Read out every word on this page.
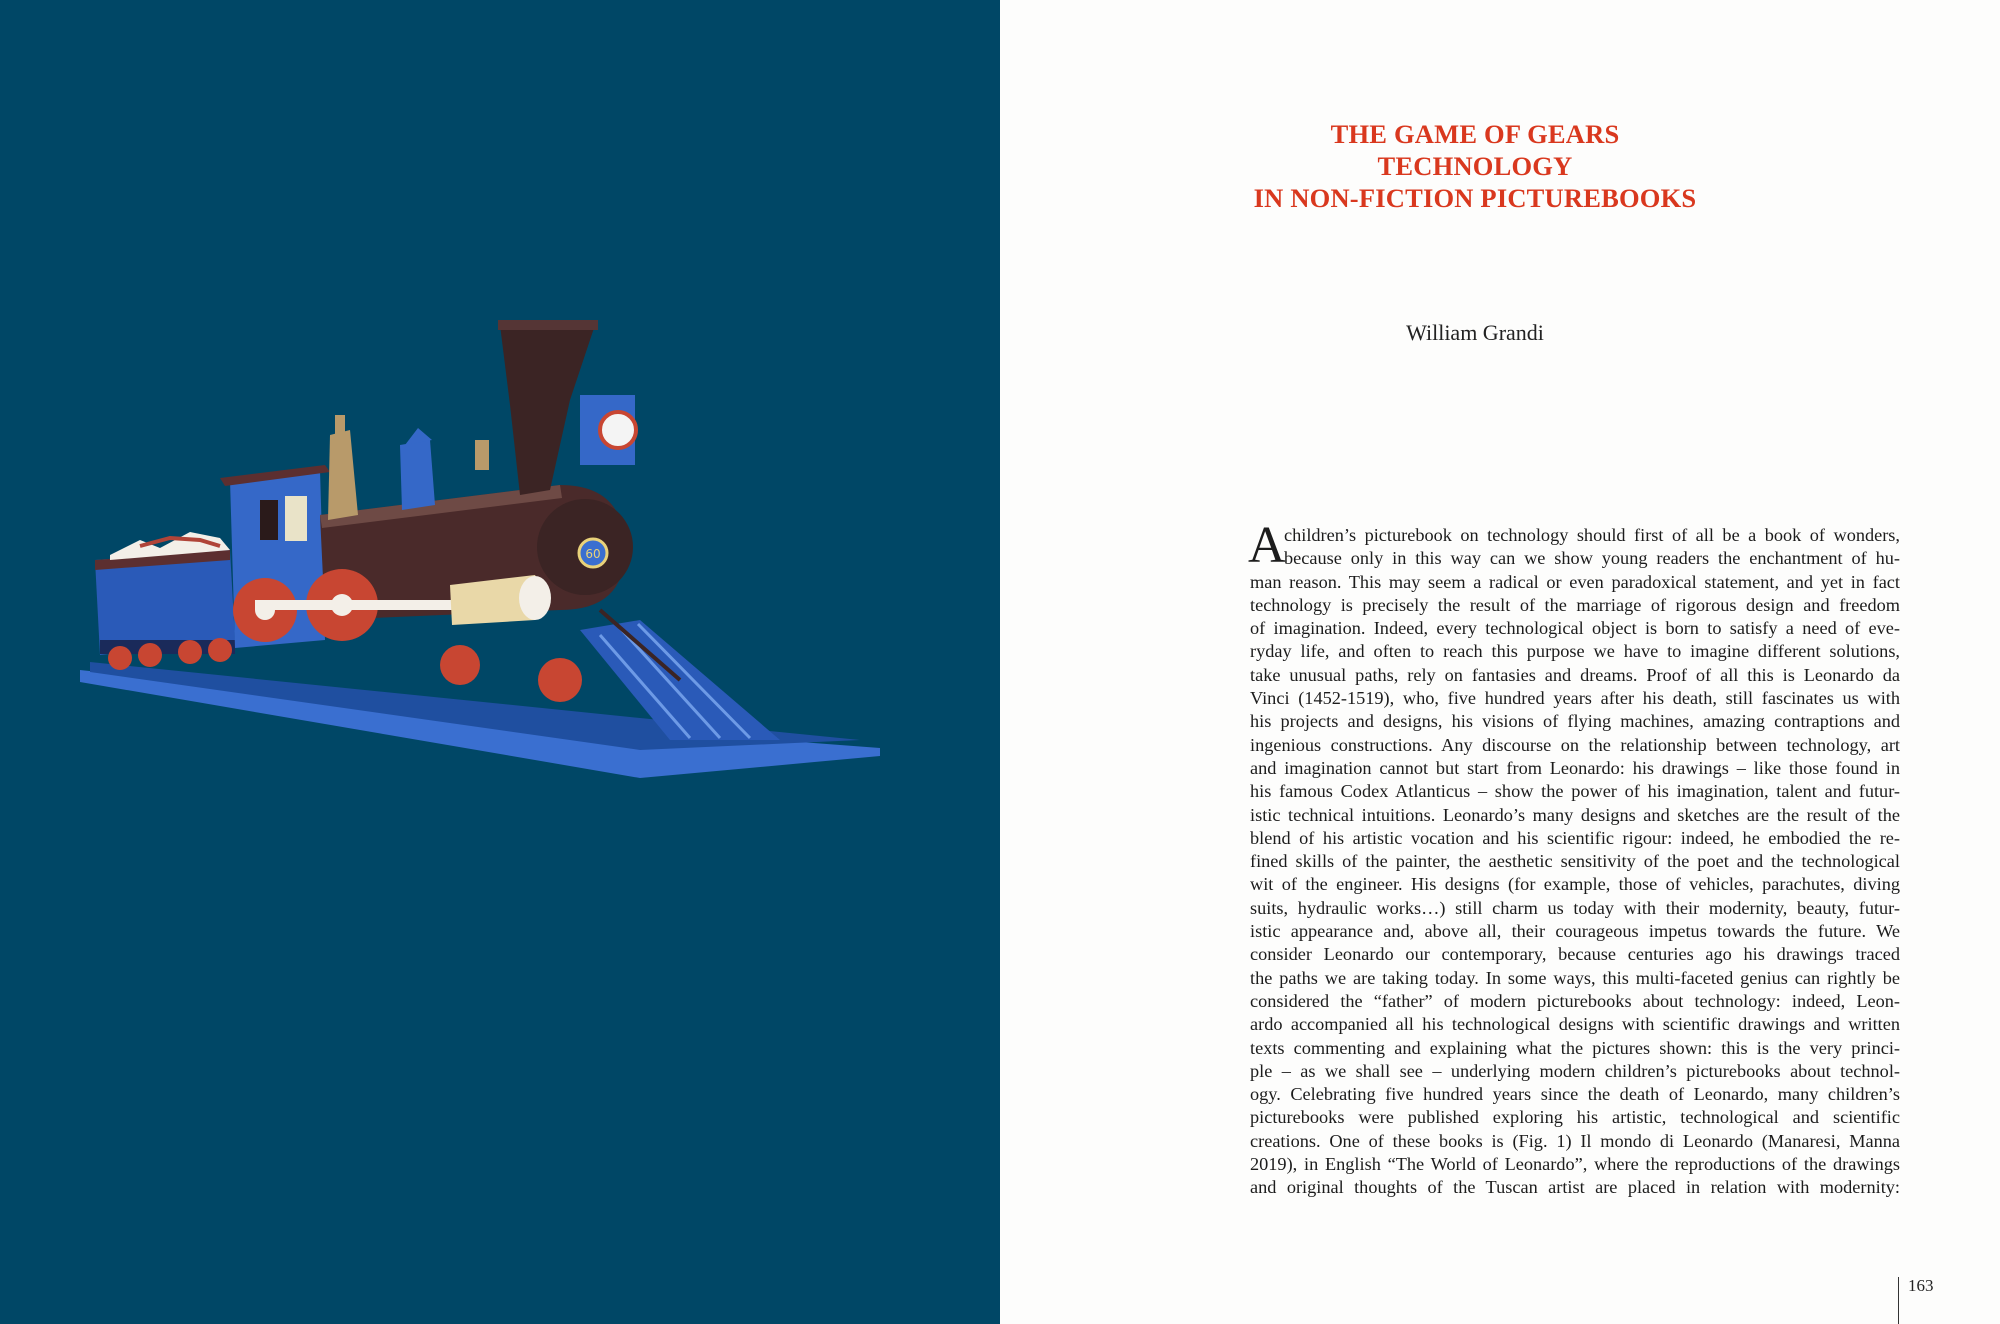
60
THE GAME OF GEARS
TECHNOLOGY
IN NON-FICTION PICTUREBOOKS
William Grandi
A
children’s picturebook on technology should first of all be a book of wonders,
because only in this way can we show young readers the enchantment of hu-
man reason. This may seem a radical or even paradoxical statement, and yet in fact
technology is precisely the result of the marriage of rigorous design and freedom
of imagination. Indeed, every technological object is born to satisfy a need of eve-
ryday life, and often to reach this purpose we have to imagine different solutions,
take unusual paths, rely on fantasies and dreams. Proof of all this is Leonardo da
Vinci (1452-1519), who, five hundred years after his death, still fascinates us with
his projects and designs, his visions of flying machines, amazing contraptions and
ingenious constructions. Any discourse on the relationship between technology, art
and imagination cannot but start from Leonardo: his drawings – like those found in
his famous Codex Atlanticus – show the power of his imagination, talent and futur-
istic technical intuitions. Leonardo’s many designs and sketches are the result of the
blend of his artistic vocation and his scientific rigour: indeed, he embodied the re-
fined skills of the painter, the aesthetic sensitivity of the poet and the technological
wit of the engineer. His designs (for example, those of vehicles, parachutes, diving
suits, hydraulic works…) still charm us today with their modernity, beauty, futur-
istic appearance and, above all, their courageous impetus towards the future. We
consider Leonardo our contemporary, because centuries ago his drawings traced
the paths we are taking today. In some ways, this multi-faceted genius can rightly be
considered the “father” of modern picturebooks about technology: indeed, Leon-
ardo accompanied all his technological designs with scientific drawings and written
texts commenting and explaining what the pictures shown: this is the very princi-
ple – as we shall see – underlying modern children’s picturebooks about technol-
ogy. Celebrating five hundred years since the death of Leonardo, many children’s
picturebooks were published exploring his artistic, technological and scientific
creations. One of these books is (Fig. 1) Il mondo di Leonardo (Manaresi, Manna
2019), in English “The World of Leonardo”, where the reproductions of the drawings
and original thoughts of the Tuscan artist are placed in relation with modernity:
163
